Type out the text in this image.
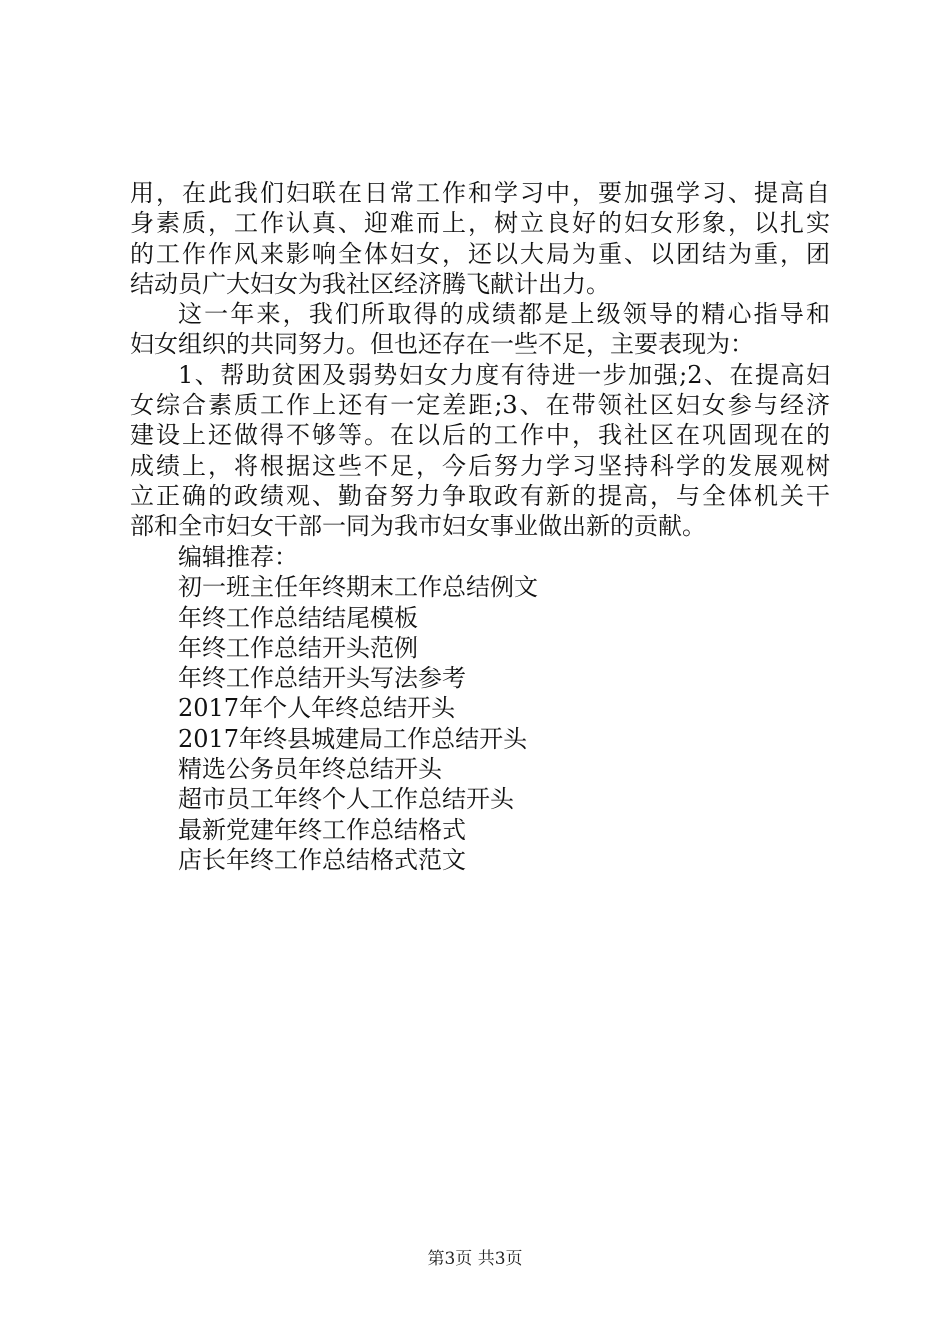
用，在此我们妇联在日常工作和学习中，要加强学习、提高自
身素质，工作认真、迎难而上，树立良好的妇女形象，以扎实
的工作作风来影响全体妇女，还以大局为重、以团结为重，团
结动员广大妇女为我社区经济腾飞献计出力。
这一年来，我们所取得的成绩都是上级领导的精心指导和
妇女组织的共同努力。但也还存在一些不足，主要表现为：
1、帮助贫困及弱势妇女力度有待进一步加强;2、在提高妇
女综合素质工作上还有一定差距;3、在带领社区妇女参与经济
建设上还做得不够等。在以后的工作中，我社区在巩固现在的
成绩上，将根据这些不足，今后努力学习坚持科学的发展观树
立正确的政绩观、勤奋努力争取政有新的提高，与全体机关干
部和全市妇女干部一同为我市妇女事业做出新的贡献。
编辑推荐：
初一班主任年终期末工作总结例文
年终工作总结结尾模板
年终工作总结开头范例
年终工作总结开头写法参考
2017年个人年终总结开头
2017年终县城建局工作总结开头
精选公务员年终总结开头
超市员工年终个人工作总结开头
最新党建年终工作总结格式
店长年终工作总结格式范文
第3页 共3页
